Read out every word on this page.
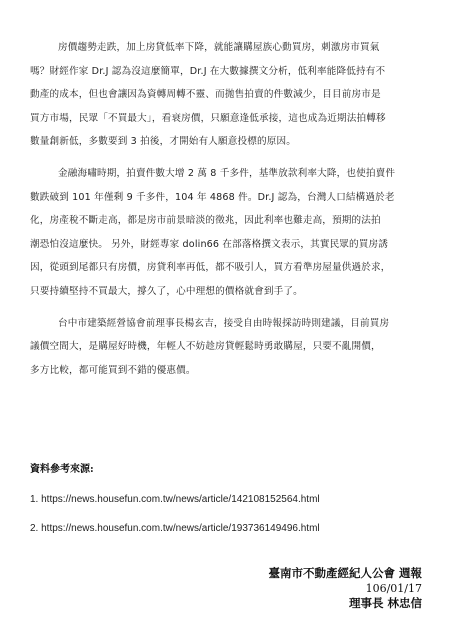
房價趨勢走跌，加上房貸低率下降，就能讓購屋族心動買房，刺激房市買氣
嗎？財經作家 Dr.J 認為沒這麼簡單，Dr.J 在大數據撰文分析，低利率能降低持有不
動產的成本，但也會讓因為資轉周轉不靈、而拋售拍賣的件數減少，目目前房市是
買方市場，民眾「不買最大」，看衰房價，只願意逢低承接，這也成為近期法拍轉移
數量創新低，多數要到 3 拍後，才開始有人願意投標的原因。
金融海嘯時期，拍賣件數大增 2 萬 8 千多件，基準放款利率大降，也使拍賣件
數跌破到 101 年僅剩 9 千多件，104 年 4868 件。Dr.J 認為，台灣人口結構過於老
化，房產稅不斷走高，都是房市前景暗淡的徵兆，因此利率也難走高，預期的法拍
潮恐怕沒這麼快。 另外，財經專家 dolin66 在部落格撰文表示，其實民眾的買房誘
因，從頭到尾都只有房價，房貸利率再低，都不吸引人，買方看準房屋量供過於求，
只要持續堅持不買最大，撐久了，心中理想的價格就會到手了。
台中市建築經營協會前理事長楊玄吉，接受自由時報採訪時則建議，目前買房
議價空間大，是購屋好時機，年輕人不妨趁房貸輕鬆時勇敢購屋，只要不亂開價，
多方比較，都可能買到不錯的優惠價。
資料參考來源:
1. https://news.housefun.com.tw/news/article/142108152564.html
2. https://news.housefun.com.tw/news/article/193736149496.html
臺南市不動產經紀人公會 週報
106/01/17
理事長 林忠信
